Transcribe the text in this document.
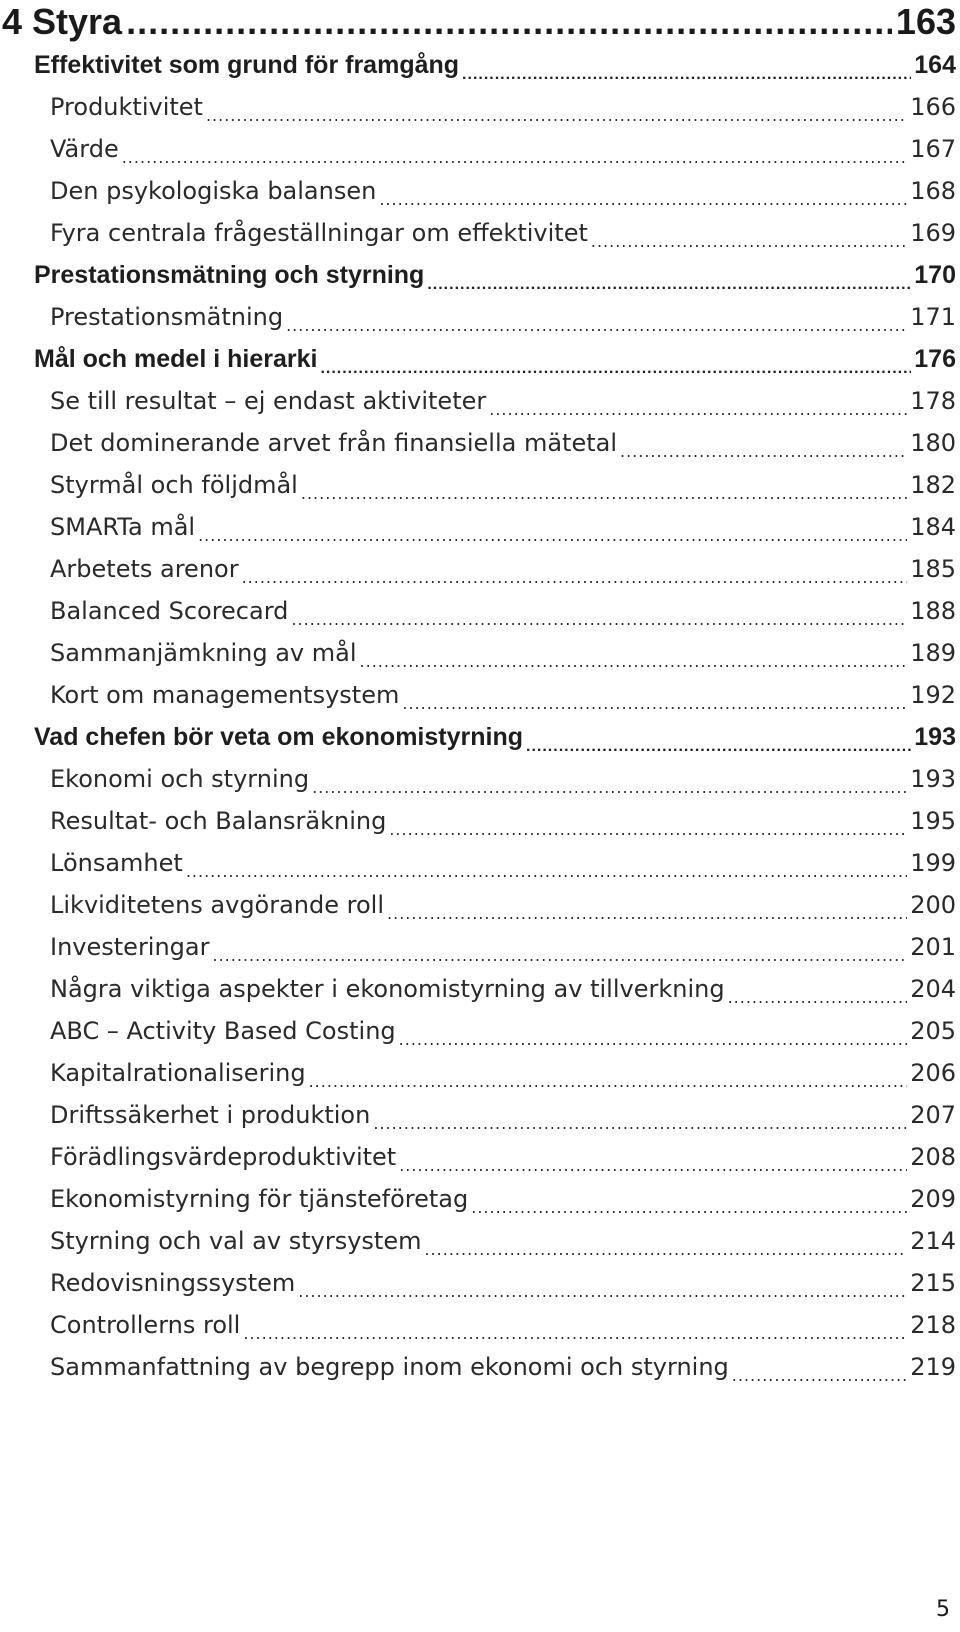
4 Styra .....	163
Effektivitet som grund för framgång .....	164
Produktivitet .....	166
Värde .....	167
Den psykologiska balansen .....	168
Fyra centrala frågeställningar om effektivitet .....	169
Prestationsmätning och styrning .....	170
Prestationsmätning .....	171
Mål och medel i hierarki .....	176
Se till resultat – ej endast aktiviteter .....	178
Det dominerande arvet från finansiella mätetal .....	180
Styrmål och följdmål .....	182
SMARTa mål .....	184
Arbetets arenor .....	185
Balanced Scorecard .....	188
Sammanjämkning av mål .....	189
Kort om managementsystem .....	192
Vad chefen bör veta om ekonomistyrning .....	193
Ekonomi och styrning .....	193
Resultat- och Balansräkning .....	195
Lönsamhet .....	199
Likviditetens avgörande roll .....	200
Investeringar .....	201
Några viktiga aspekter i ekonomistyrning av tillverkning .....	204
ABC – Activity Based Costing .....	205
Kapitalrationalisering .....	206
Driftssäkerhet i produktion .....	207
Förädlingsvärdeproduktivitet .....	208
Ekonomistyrning för tjänsteföretag .....	209
Styrning och val av styrsystem .....	214
Redovisningssystem .....	215
Controllerns roll .....	218
Sammanfattning av begrepp inom ekonomi och styrning .....	219
5
